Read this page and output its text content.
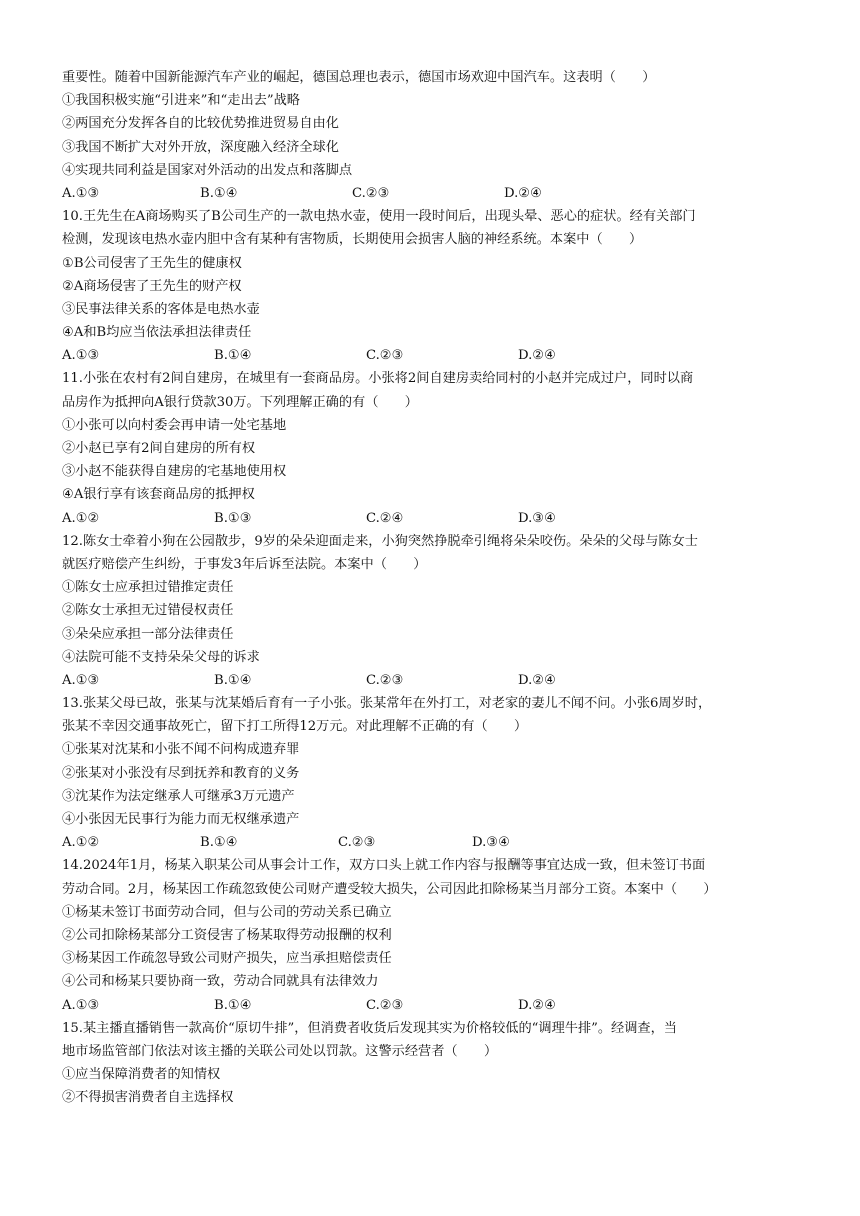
重要性。随着中国新能源汽车产业的崛起，德国总理也表示，德国市场欢迎中国汽车。这表明（　　）
①我国积极实施“引进来”和“走出去”战略
②两国充分发挥各自的比较优势推进贸易自由化
③我国不断扩大对外开放，深度融入经济全球化
④实现共同利益是国家对外活动的出发点和落脚点
A.①③	B.①④	C.②③	D.②④
10.王先生在A商场购买了B公司生产的一款电热水壶，使用一段时间后，出现头晕、恶心的症状。经有关部门
检测，发现该电热水壶内胆中含有某种有害物质，长期使用会损害人脑的神经系统。本案中（　　）
①B公司侵害了王先生的健康权
②A商场侵害了王先生的财产权
③民事法律关系的客体是电热水壶
④A和B均应当依法承担法律责任
A.①③	B.①④	C.②③	D.②④
11.小张在农村有2间自建房，在城里有一套商品房。小张将2间自建房卖给同村的小赵并完成过户，同时以商
品房作为抵押向A银行贷款30万。下列理解正确的有（　　）
①小张可以向村委会再申请一处宅基地
②小赵已享有2间自建房的所有权
③小赵不能获得自建房的宅基地使用权
④A银行享有该套商品房的抵押权
A.①②	B.①③	C.②④	D.③④
12.陈女士牵着小狗在公园散步，9岁的朵朵迎面走来，小狗突然挣脱牵引绳将朵朵咬伤。朵朵的父母与陈女士
就医疗赔偿产生纠纷，于事发3年后诉至法院。本案中（　　）
①陈女士应承担过错推定责任
②陈女士承担无过错侵权责任
③朵朵应承担一部分法律责任
④法院可能不支持朵朵父母的诉求
A.①③	B.①④	C.②③	D.②④
13.张某父母已故，张某与沈某婚后育有一子小张。张某常年在外打工，对老家的妻儿不闻不问。小张6周岁时，
张某不幸因交通事故死亡，留下打工所得12万元。对此理解不正确的有（　　）
①张某对沈某和小张不闻不问构成遗弃罪
②张某对小张没有尽到抚养和教育的义务
③沈某作为法定继承人可继承3万元遗产
④小张因无民事行为能力而无权继承遗产
A.①②	B.①④	C.②③	D.③④
14.2024年1月，杨某入职某公司从事会计工作，双方口头上就工作内容与报酬等事宜达成一致，但未签订书面
劳动合同。2月，杨某因工作疏忽致使公司财产遭受较大损失，公司因此扣除杨某当月部分工资。本案中（　　）
①杨某未签订书面劳动合同，但与公司的劳动关系已确立
②公司扣除杨某部分工资侵害了杨某取得劳动报酬的权利
③杨某因工作疏忽导致公司财产损失，应当承担赔偿责任
④公司和杨某只要协商一致，劳动合同就具有法律效力
A.①③	B.①④	C.②③	D.②④
15.某主播直播销售一款高价“原切牛排”，但消费者收货后发现其实为价格较低的“调理牛排”。经调查，当
地市场监管部门依法对该主播的关联公司处以罚款。这警示经营者（　　）
①应当保障消费者的知情权
②不得损害消费者自主选择权
